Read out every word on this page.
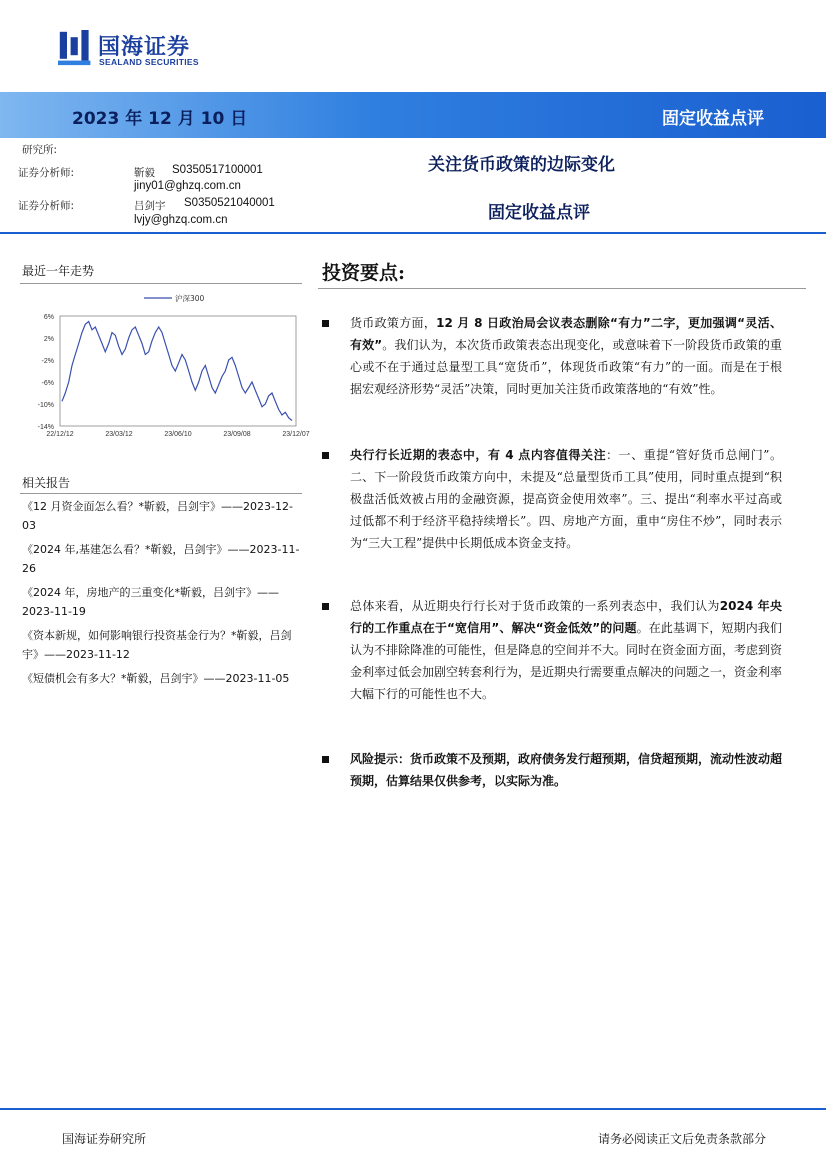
国海证券
SEALAND SECURITIES
2023 年 12 月 10 日	固定收益点评
研究所:
证券分析师:	靳毅 S0350517100001
jiny01@ghzq.com.cn
证券分析师:	吕剑宇 S0350521040001
lvjy@ghzq.com.cn
关注货币政策的边际变化
固定收益点评
最近一年走势
6%
2%
-2%
-6%
-10%
-14%
22/12/12	23/03/12	23/06/10	23/09/08	23/12/07
沪深300
相关报告
《12 月资金面怎么看？*靳毅，吕剑宇》——2023-12-03
《2024 年,基建怎么看？*靳毅，吕剑宇》——2023-11-26
《2024 年，房地产的三重变化*靳毅，吕剑宇》——2023-11-19
《资本新规，如何影响银行投资基金行为？*靳毅，吕剑宇》——2023-11-12
《短债机会有多大？*靳毅，吕剑宇》——2023-11-05
投资要点:
货币政策方面，12 月 8 日政治局会议表态删除“有力”二字，更加强调“灵活、有效”。我们认为，本次货币政策表态出现变化，或意味着下一阶段货币政策的重心或不在于通过总量型工具“宽货币”，体现货币政策“有力”的一面。而是在于根据宏观经济形势“灵活”决策，同时更加关注货币政策落地的“有效”性。
央行行长近期的表态中，有 4 点内容值得关注：一、重提“管好货币总闸门”。二、下一阶段货币政策方向中，未提及“总量型货币工具”使用，同时重点提到“积极盘活低效被占用的金融资源，提高资金使用效率”。三、提出“利率水平过高或过低都不利于经济平稳持续增长”。四、房地产方面，重申“房住不炒”，同时表示为“三大工程”提供中长期低成本资金支持。
总体来看，从近期央行行长对于货币政策的一系列表态中，我们认为2024 年央行的工作重点在于“宽信用”、解决“资金低效”的问题。在此基调下，短期内我们认为不排除降准的可能性，但是降息的空间并不大。同时在资金面方面，考虑到资金利率过低会加剧空转套利行为，是近期央行需要重点解决的问题之一，资金利率大幅下行的可能性也不大。
风险提示：货币政策不及预期，政府债务发行超预期，信贷超预期，流动性波动超预期，估算结果仅供参考，以实际为准。
国海证券研究所	请务必阅读正文后免责条款部分
